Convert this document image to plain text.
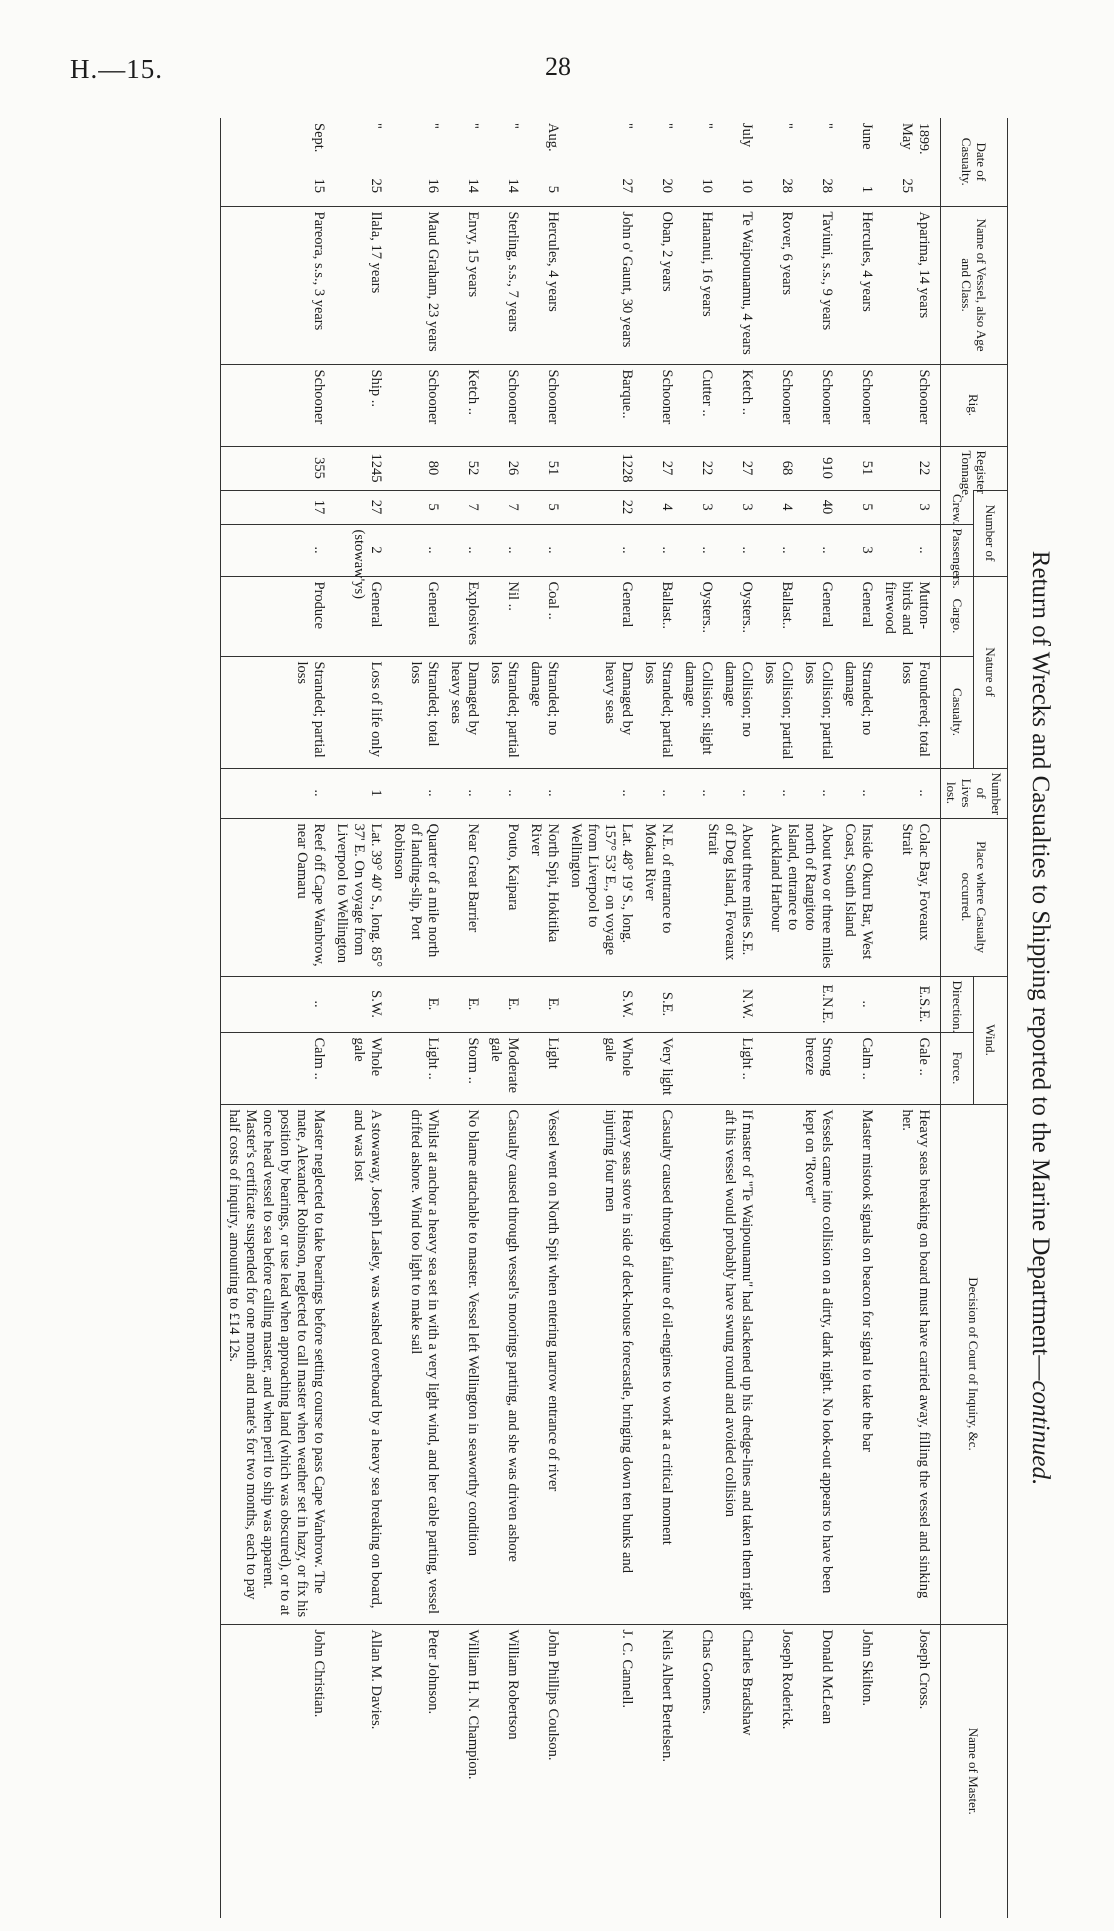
H.—15.	28
Return of Wrecks and Casualties to Shipping reported to the Marine Department—continued.
Date of Casualty.	Name of Vessel, also Age and Class.	Rig.	Register Tonnage.	Number of		Nature of		Number of Lives lost.	Place where Casualty occurred.	Wind.		Decision of Court of Inquiry, &c.	Name of Master.
				Crew.	Passengers.	Cargo.	Casualty.			Direction.	Force.		

1899.
May25	Aparima, 14 years	Schooner	22	3	..	Mutton-birds and firewood	Foundered; total loss	..	Colac Bay, Foveaux Strait	E.S.E.	Gale ..	Heavy seas breaking on board must have carried away, filling the vessel and sinking her.	Joseph Cross.
June1	Hercules, 4 years	Schooner	51	5	3	General	Stranded; no damage	..	Inside Okuru Bar, West Coast, South Island	..	Calm ..	Master mistook signals on beacon for signal to take the bar	John Skilton.
"28	Taviuni, s.s., 9 years	Schooner	910	40	..	General	Collision; partial loss	..	About two or three miles north of Rangitoto Island, entrance to Auckland Harbour	E.N.E.	Strong breeze	Vessels came into collision on a dirty, dark night. No look-out appears to have been kept on "Rover"	Donald McLean
"28	Rover, 6 years	Schooner	68	4	..	Ballast..	Collision; partial loss	..					Joseph Roderick.
July10	Te Waipounamu, 4 years	Ketch ..	27	3	..	Oysters..	Collision; no damage	..	About three miles S.E. of Dog Island, Foveaux Strait	N.W.	Light ..	If master of "Te Waipounamu" had slackened up his dredge-lines and taken them right aft his vessel would probably have swung round and avoided collision	Charles Bradshaw
"10	Hananui, 16 years	Cutter ..	22	3	..	Oysters..	Collision; slight damage	..					Chas Goomes.
"20	Oban, 2 years	Schooner	27	4	..	Ballast..	Stranded; partial loss	..	N.E. of entrance to Mokau River	S.E.	Very light	Casualty caused through failure of oil-engines to work at a critical moment	Neils Albert Bertelsen.
"27	John o' Gaunt, 30 years	Barque..	1228	22	..	General	Damaged by heavy seas	..	Lat. 48° 19' S., long. 157° 53' E., on voyage from Liverpool to Wellington	S.W.	Whole gale	Heavy seas stove in side of deck-house forecastle, bringing down ten bunks and injuring four men	J. C. Cannell.
Aug.5	Hercules, 4 years	Schooner	51	5	..	Coal ..	Stranded; no damage	..	North Spit, Hokitika River	E.	Light	Vessel went on North Spit when entering narrow entrance of river	John Phillips Coulson.
"14	Sterling, s.s., 7 years	Schooner	26	7	..	Nil ..	Stranded; partial loss	..	Pouto, Kaipara	E.	Moderate gale	Casualty caused through vessel's moorings parting, and she was driven ashore	William Robertson
"14	Envy, 15 years	Ketch ..	52	7	..	Explosives	Damaged by heavy seas	..	Near Great Barrier	E.	Storm ..	No blame attachable to master. Vessel left Wellington in seaworthy condition	William H. N. Champion.
"16	Maud Graham, 23 years	Schooner	80	5	..	General	Stranded; total loss	..	Quarter of a mile north of landing-slip, Port Robinson	E.	Light ..	Whilst at anchor a heavy sea set in with a very light wind, and her cable parting, vessel drifted ashore. Wind too light to make sail	Peter Johnson.
"25	Ilala, 17 years	Ship ..	1245	27	2 (stowaw'ys)	General	Loss of life only	1	Lat. 39° 40' S., long. 85° 37' E. On voyage from Liverpool to Wellington	S.W.	Whole gale	A stowaway, Joseph Lasley, was washed overboard by a heavy sea breaking on board, and was lost	Allan M. Davies.
Sept.15	Pareora, s.s., 3 years	Schooner	355	17	..	Produce	Stranded; partial loss	..	Reef off Cape Wanbrow, near Oamaru	..	Calm ..	Master neglected to take bearings before setting course to pass Cape Wanbrow. The mate, Alexander Robinson, neglected to call master when weather set in hazy, or fix his position by bearings, or use lead when approaching land (which was obscured), or to at once head vessel to sea before calling master, and when peril to ship was apparent. Master's certificate suspended for one month and mate's for two months, each to pay half costs of inquiry, amounting to £14 12s.	John Christian.
